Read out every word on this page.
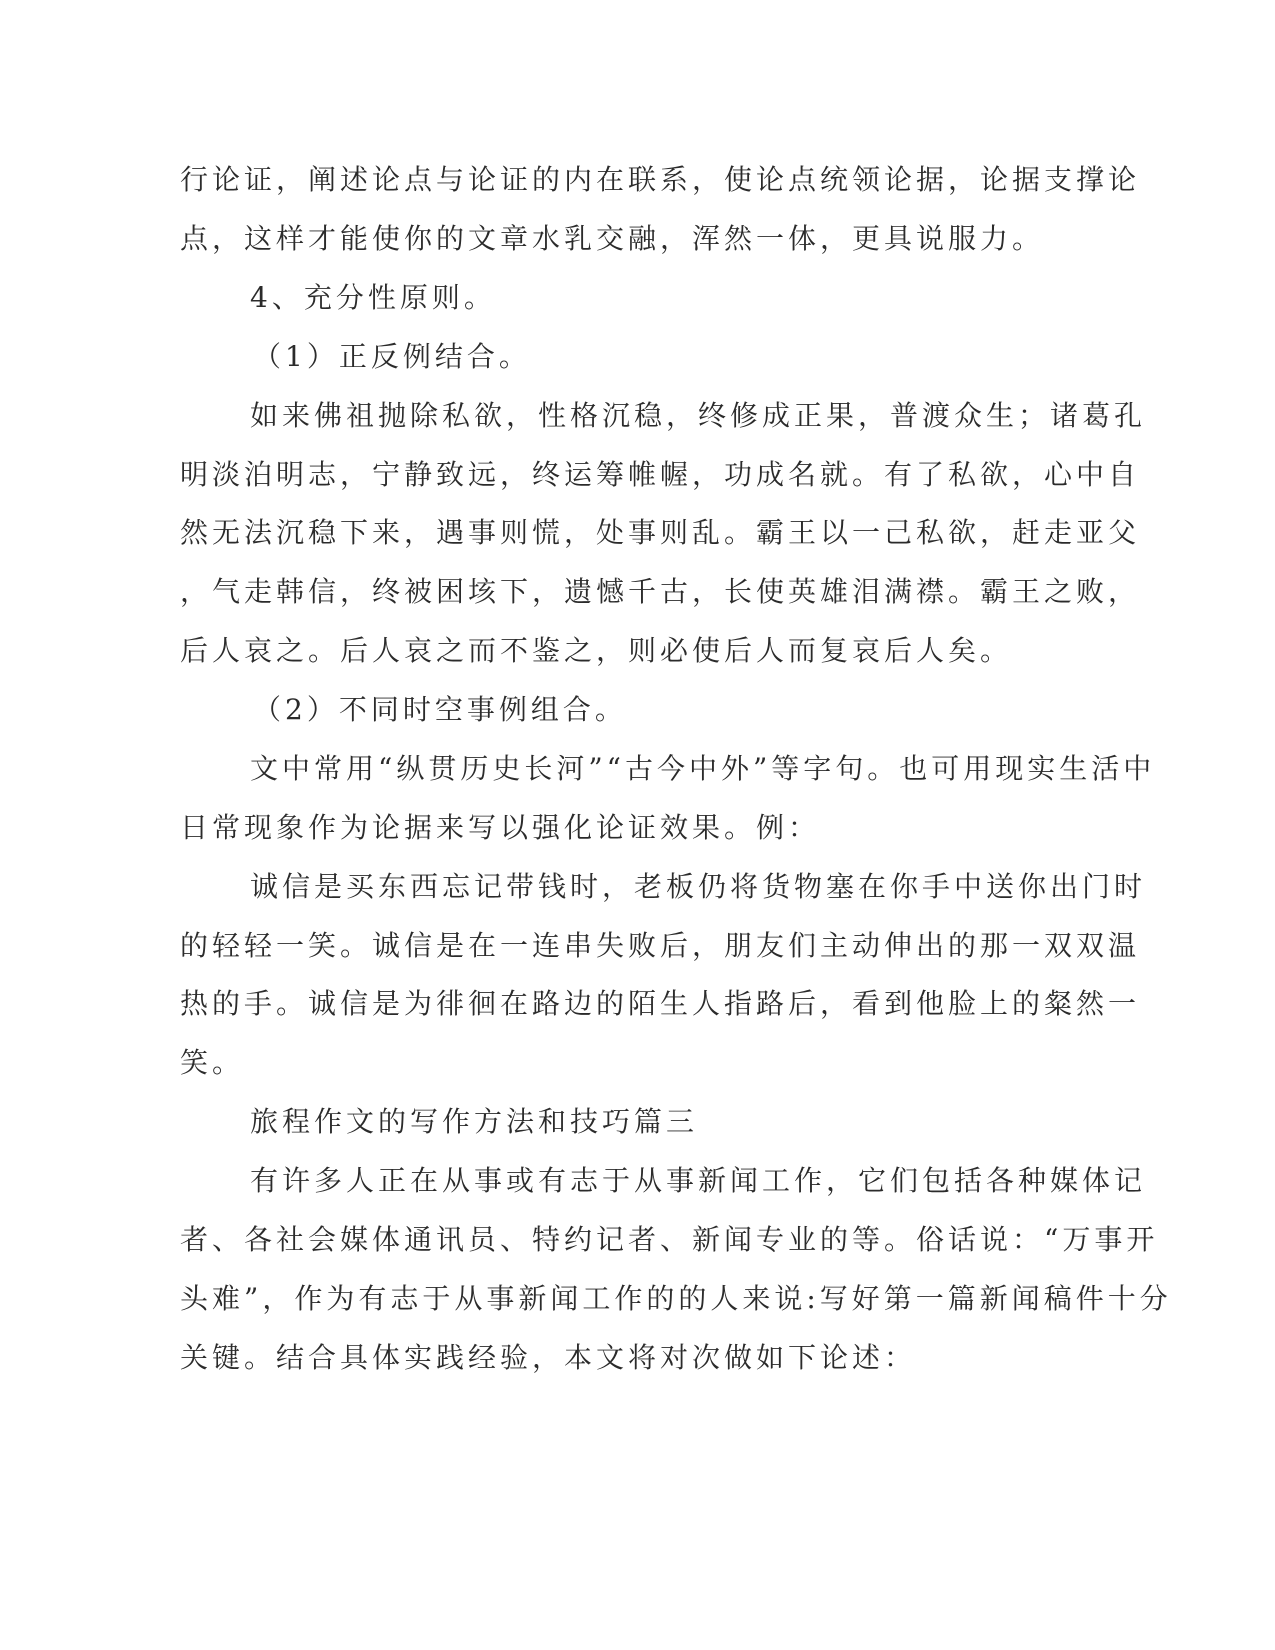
行论证，阐述论点与论证的内在联系，使论点统领论据，论据支撑论
点，这样才能使你的文章水乳交融，浑然一体，更具说服力。
4、充分性原则。
（1）正反例结合。
如来佛祖抛除私欲，性格沉稳，终修成正果，普渡众生；诸葛孔
明淡泊明志，宁静致远，终运筹帷幄，功成名就。有了私欲，心中自
然无法沉稳下来，遇事则慌，处事则乱。霸王以一己私欲，赶走亚父
，气走韩信，终被困垓下，遗憾千古，长使英雄泪满襟。霸王之败，
后人哀之。后人哀之而不鉴之，则必使后人而复哀后人矣。
（2）不同时空事例组合。
文中常用“纵贯历史长河”“古今中外”等字句。也可用现实生活中
日常现象作为论据来写以强化论证效果。例：
诚信是买东西忘记带钱时，老板仍将货物塞在你手中送你出门时
的轻轻一笑。诚信是在一连串失败后，朋友们主动伸出的那一双双温
热的手。诚信是为徘徊在路边的陌生人指路后，看到他脸上的粲然一
笑。
旅程作文的写作方法和技巧篇三
有许多人正在从事或有志于从事新闻工作，它们包括各种媒体记
者、各社会媒体通讯员、特约记者、新闻专业的等。俗话说：“万事开
头难”，作为有志于从事新闻工作的的人来说:写好第一篇新闻稿件十分
关键。结合具体实践经验，本文将对次做如下论述：
